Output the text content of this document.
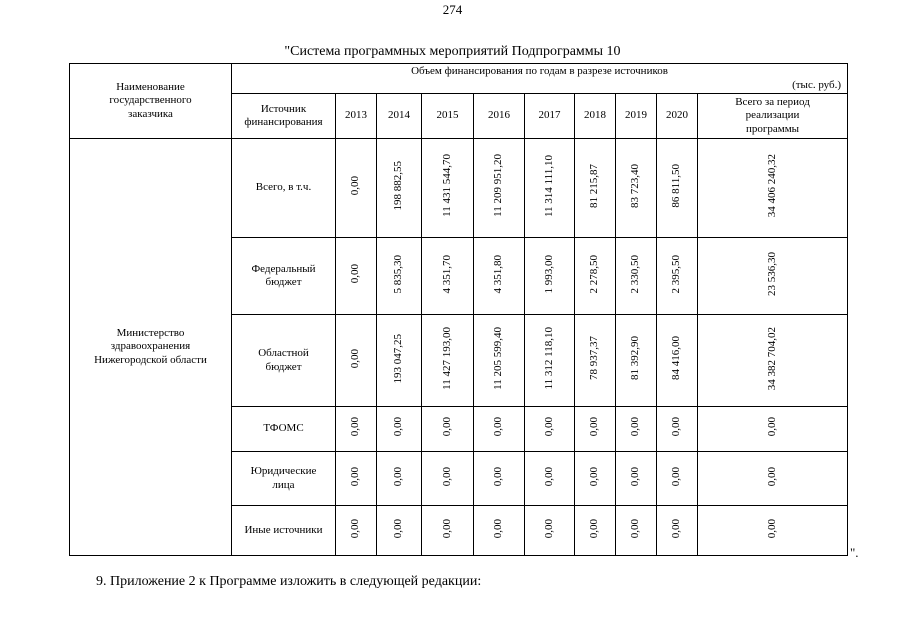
274
"Система программных мероприятий Подпрограммы 10
Наименование государственного заказчика	Объем финансирования по годам в разрезе источников									
	(тыс. руб.)									
	Источник финансирования	2013	2014	2015	2016	2017	2018	2019	2020	Всего за период реализации программы
Министерство здравоохранения Нижегородской области	Всего, в т.ч.	0,00	198 882,55	11 431 544,70	11 209 951,20	11 314 111,10	81 215,87	83 723,40	86 811,50	34 406 240,32
	Федеральный бюджет	0,00	5 835,30	4 351,70	4 351,80	1 993,00	2 278,50	2 330,50	2 395,50	23 536,30
	Областной бюджет	0,00	193 047,25	11 427 193,00	11 205 599,40	11 312 118,10	78 937,37	81 392,90	84 416,00	34 382 704,02
	ТФОМС	0,00	0,00	0,00	0,00	0,00	0,00	0,00	0,00	0,00
	Юридические лица	0,00	0,00	0,00	0,00	0,00	0,00	0,00	0,00	0,00
	Иные источники	0,00	0,00	0,00	0,00	0,00	0,00	0,00	0,00	0,00
".
9. Приложение 2 к Программе изложить в следующей редакции:
